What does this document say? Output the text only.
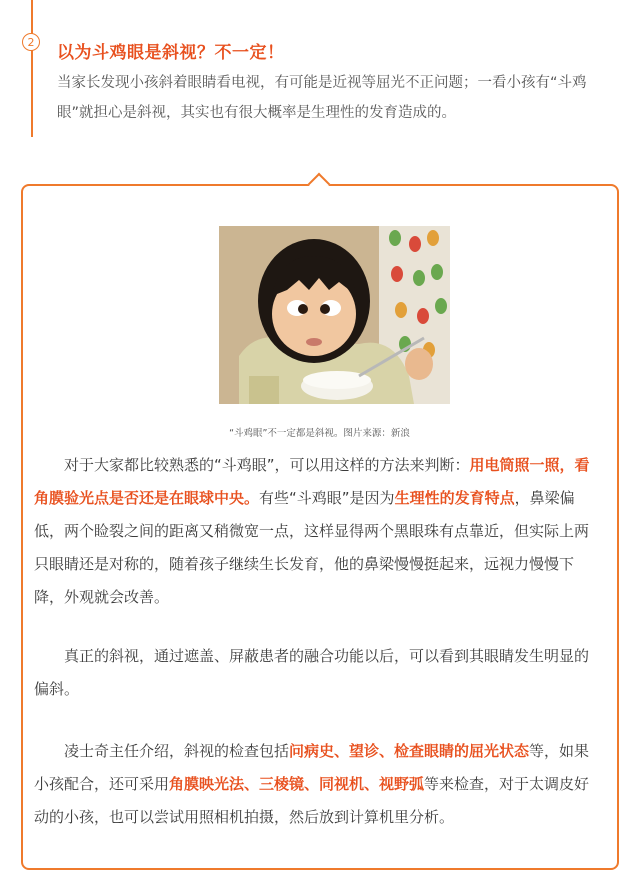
2
以为斗鸡眼是斜视？不一定！
当家长发现小孩斜着眼睛看电视，有可能是近视等屈光不正问题；一看小孩有“斗鸡眼”就担心是斜视，其实也有很大概率是生理性的发育造成的。
“斗鸡眼”不一定都是斜视。图片来源：新浪
对于大家都比较熟悉的“斗鸡眼”，可以用这样的方法来判断：用电筒照一照，看角膜验光点是否还是在眼球中央。有些“斗鸡眼”是因为生理性的发育特点，鼻梁偏低，两个睑裂之间的距离又稍微宽一点，这样显得两个黑眼珠有点靠近，但实际上两只眼睛还是对称的，随着孩子继续生长发育，他的鼻梁慢慢挺起来，远视力慢慢下降，外观就会改善。
真正的斜视，通过遮盖、屏蔽患者的融合功能以后，可以看到其眼睛发生明显的偏斜。
凌士奇主任介绍，斜视的检查包括问病史、望诊、检查眼睛的屈光状态等，如果小孩配合，还可采用角膜映光法、三棱镜、同视机、视野弧等来检查，对于太调皮好动的小孩，也可以尝试用照相机拍摄，然后放到计算机里分析。
